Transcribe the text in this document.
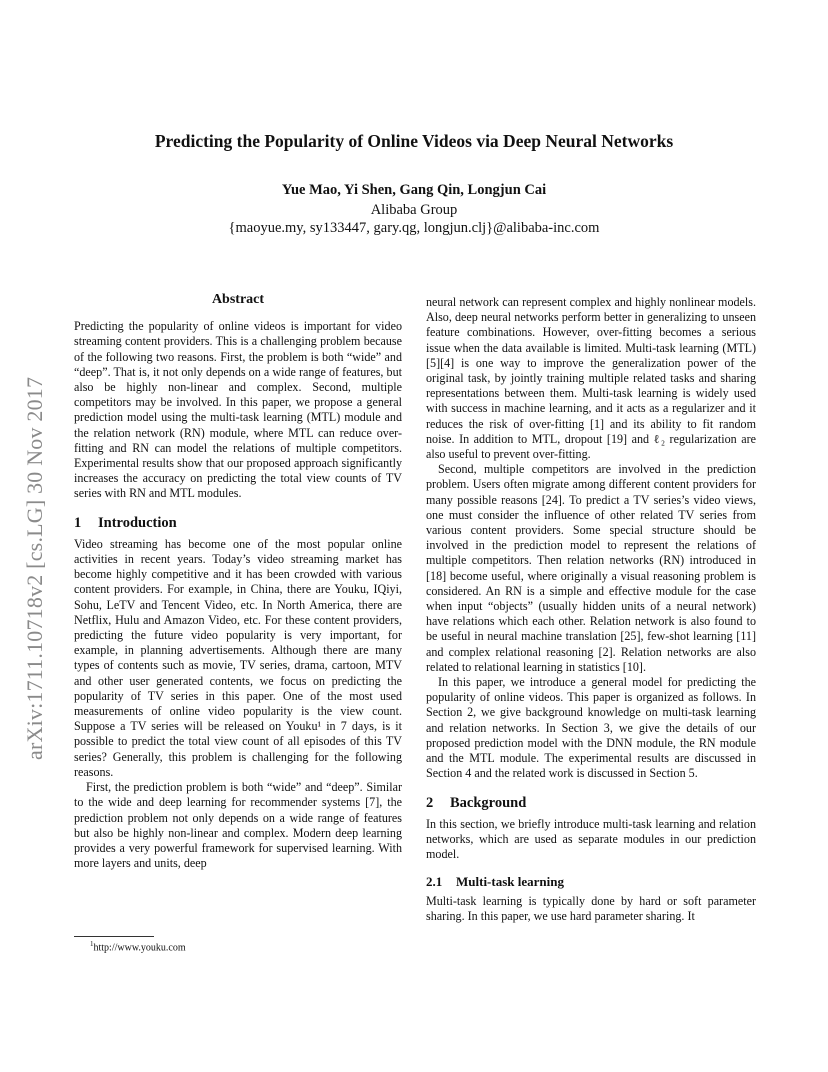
arXiv:1711.10718v2 [cs.LG] 30 Nov 2017
Predicting the Popularity of Online Videos via Deep Neural Networks
Yue Mao, Yi Shen, Gang Qin, Longjun Cai
Alibaba Group
{maoyue.my, sy133447, gary.qg, longjun.clj}@alibaba-inc.com
Abstract

Predicting the popularity of online videos is important for video streaming content providers. This is a challenging problem because of the following two reasons. First, the problem is both “wide” and “deep”. That is, it not only depends on a wide range of features, but also be highly non-linear and complex. Second, multiple competitors may be involved. In this paper, we propose a general prediction model using the multi-task learning (MTL) module and the relation network (RN) module, where MTL can reduce over-fitting and RN can model the relations of multiple competitors. Experimental results show that our proposed approach significantly increases the accuracy on predicting the total view counts of TV series with RN and MTL modules.

1 Introduction

Video streaming has become one of the most popular online activities in recent years. Today’s video streaming market has become highly competitive and it has been crowded with various content providers. For example, in China, there are Youku, IQiyi, Sohu, LeTV and Tencent Video, etc. In North America, there are Netflix, Hulu and Amazon Video, etc. For these content providers, predicting the future video popularity is very important, for example, in planning advertisements. Although there are many types of contents such as movie, TV series, drama, cartoon, MTV and other user generated contents, we focus on predicting the popularity of TV series in this paper. One of the most used measurements of online video popularity is the view count. Suppose a TV series will be released on Youku¹ in 7 days, is it possible to predict the total view count of all episodes of this TV series? Generally, this problem is challenging for the following reasons.

First, the prediction problem is both “wide” and “deep”. Similar to the wide and deep learning for recommender systems [7], the prediction problem not only depends on a wide range of features but also be highly non-linear and complex. Modern deep learning provides a very powerful framework for supervised learning. With more layers and units, deep

neural network can represent complex and highly nonlinear models. Also, deep neural networks perform better in generalizing to unseen feature combinations. However, over-fitting becomes a serious issue when the data available is limited. Multi-task learning (MTL) [5][4] is one way to improve the generalization power of the original task, by jointly training multiple related tasks and sharing representations between them. Multi-task learning is widely used with success in machine learning, and it acts as a regularizer and it reduces the risk of over-fitting [1] and its ability to fit random noise. In addition to MTL, dropout [19] and ℓ₂ regularization are also useful to prevent over-fitting.

Second, multiple competitors are involved in the prediction problem. Users often migrate among different content providers for many possible reasons [24]. To predict a TV series’s video views, one must consider the influence of other related TV series from various content providers. Some special structure should be involved in the prediction model to represent the relations of multiple competitors. Then relation networks (RN) introduced in [18] become useful, where originally a visual reasoning problem is considered. An RN is a simple and effective module for the case when input “objects” (usually hidden units of a neural network) have relations which each other. Relation network is also found to be useful in neural machine translation [25], few-shot learning [11] and complex relational reasoning [2]. Relation networks are also related to relational learning in statistics [10].

In this paper, we introduce a general model for predicting the popularity of online videos. This paper is organized as follows. In Section 2, we give background knowledge on multi-task learning and relation networks. In Section 3, we give the details of our proposed prediction model with the DNN module, the RN module and the MTL module. The experimental results are discussed in Section 4 and the related work is discussed in Section 5.

2 Background

In this section, we briefly introduce multi-task learning and relation networks, which are used as separate modules in our prediction model.

2.1 Multi-task learning

Multi-task learning is typically done by hard or soft parameter sharing. In this paper, we use hard parameter sharing. It

$^1$http://www.youku.com
